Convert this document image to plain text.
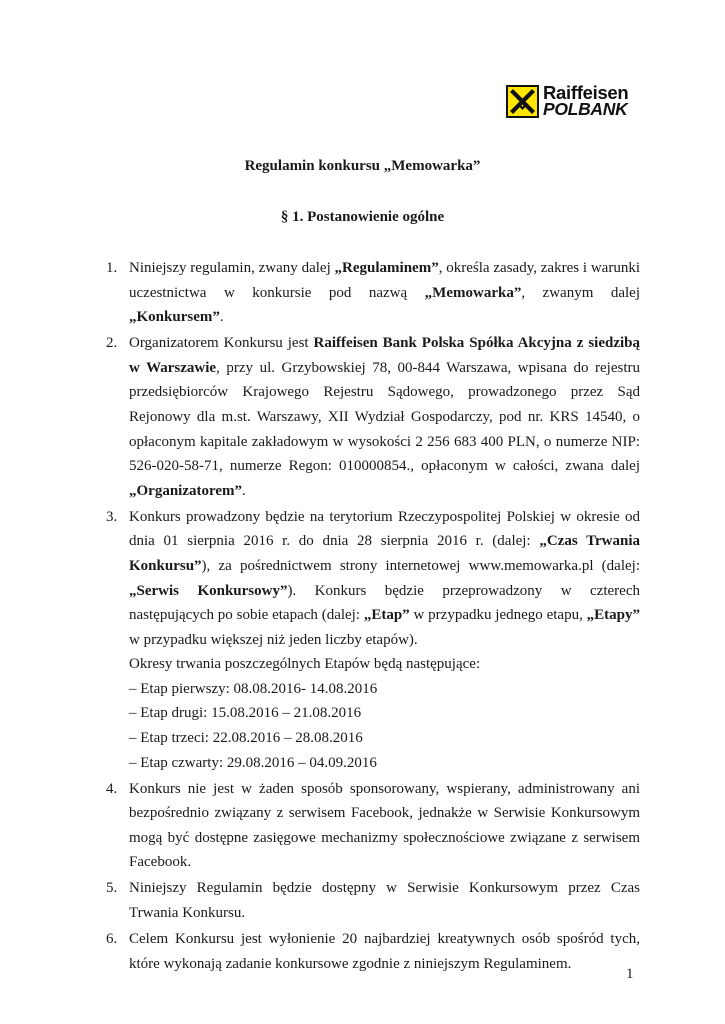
Raiffeisen
POLBANK
Regulamin konkursu „Memowarka”
§ 1. Postanowienie ogólne
1. Niniejszy regulamin, zwany dalej „Regulaminem”, określa zasady, zakres i warunki uczestnictwa w konkursie pod nazwą „Memowarka”, zwanym dalej „Konkursem”.
2. Organizatorem Konkursu jest Raiffeisen Bank Polska Spółka Akcyjna z siedzibą w Warszawie, przy ul. Grzybowskiej 78, 00-844 Warszawa, wpisana do rejestru przedsiębiorców Krajowego Rejestru Sądowego, prowadzonego przez Sąd Rejonowy dla m.st. Warszawy, XII Wydział Gospodarczy, pod nr. KRS 14540, o opłaconym kapitale zakładowym w wysokości 2 256 683 400 PLN, o numerze NIP: 526-020-58-71, numerze Regon: 010000854., opłaconym w całości, zwana dalej „Organizatorem”.
3. Konkurs prowadzony będzie na terytorium Rzeczypospolitej Polskiej w okresie od dnia 01 sierpnia 2016 r. do dnia 28 sierpnia 2016 r. (dalej: „Czas Trwania Konkursu”), za pośrednictwem strony internetowej www.memowarka.pl (dalej: „Serwis Konkursowy”). Konkurs będzie przeprowadzony w czterech następujących po sobie etapach (dalej: „Etap” w przypadku jednego etapu, „Etapy” w przypadku większej niż jeden liczby etapów).
Okresy trwania poszczególnych Etapów będą następujące:
– Etap pierwszy: 08.08.2016- 14.08.2016
– Etap drugi: 15.08.2016 – 21.08.2016
– Etap trzeci: 22.08.2016 – 28.08.2016
– Etap czwarty: 29.08.2016 – 04.09.2016
4. Konkurs nie jest w żaden sposób sponsorowany, wspierany, administrowany ani bezpośrednio związany z serwisem Facebook, jednakże w Serwisie Konkursowym mogą być dostępne zasięgowe mechanizmy społecznościowe związane z serwisem Facebook.
5. Niniejszy Regulamin będzie dostępny w Serwisie Konkursowym przez Czas Trwania Konkursu.
6. Celem Konkursu jest wyłonienie 20 najbardziej kreatywnych osób spośród tych, które wykonają zadanie konkursowe zgodnie z niniejszym Regulaminem.
1
